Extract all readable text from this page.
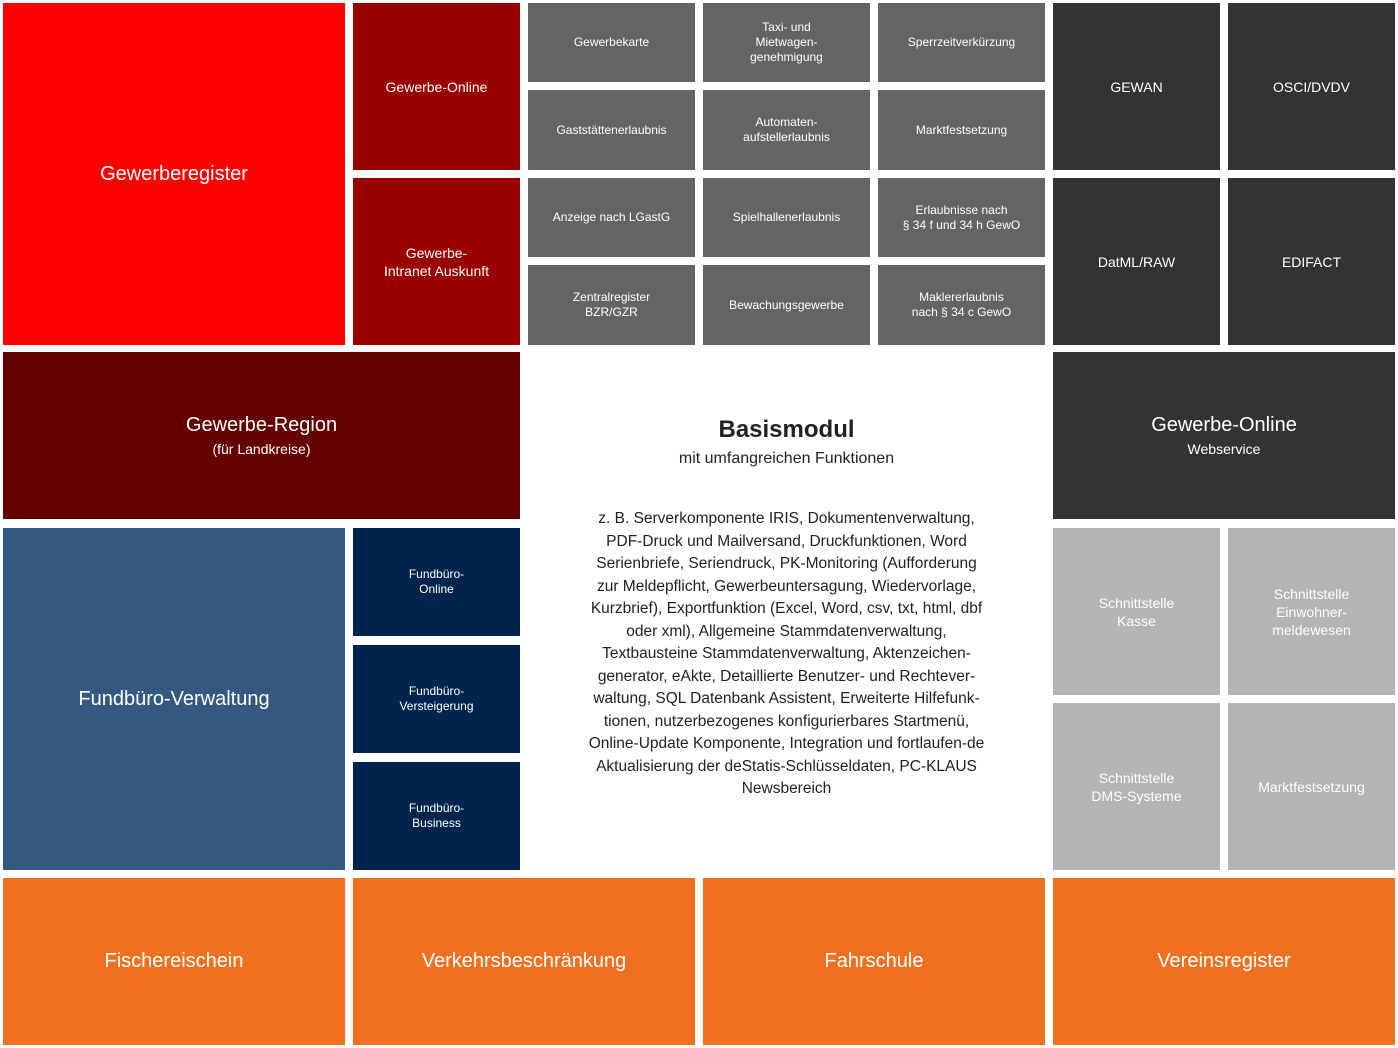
Gewerberegister
Gewerbe-Online
Gewerbe-
Intranet Auskunft
Gewerbekarte
Taxi- und
Mietwagen-
genehmigung
Sperrzeitverkürzung
Gaststättenerlaubnis
Automaten-
aufstellerlaubnis
Marktfestsetzung
Anzeige nach LGastG	Spielhallenerlaubnis
Erlaubnisse nach
§ 34 f und 34 h GewO
Zentralregister
BZR/GZR
Bewachungsgewerbe
Maklererlaubnis
nach § 34 c GewO
GEWAN	OSCI/DVDV
DatML/RAW	EDIFACT
Gewerbe-Region
(für Landkreise)
Basismodul
mit umfangreichen Funktionen
z. B. Serverkomponente IRIS, Dokumentenverwaltung, PDF-Druck und Mailversand, Druckfunktionen, Word Serienbriefe, Seriendruck, PK-Monitoring (Aufforderung zur Meldepflicht, Gewerbeuntersagung, Wiedervorlage, Kurzbrief), Exportfunktion (Excel, Word, csv, txt, html, dbf oder xml), Allgemeine Stammdatenverwaltung, Textbausteine Stammdatenverwaltung, Aktenzeichen-generator, eAkte, Detaillierte Benutzer- und Rechtever-waltung, SQL Datenbank Assistent, Erweiterte Hilfefunk-tionen, nutzerbezogenes konfigurierbares Startmenü, Online-Update Komponente, Integration und fortlaufen-de Aktualisierung der deStatis-Schlüsseldaten, PC-KLAUS Newsbereich
Gewerbe-Online
Webservice
Fundbüro-Verwaltung
Fundbüro-
Online
Fundbüro-
Versteigerung
Fundbüro-
Business
Schnittstelle
Kasse
Schnittstelle
Einwohner-
meldewesen
Schnittstelle
DMS-Systeme
Marktfestsetzung
Fischereischein	Verkehrsbeschränkung	Fahrschule	Vereinsregister
